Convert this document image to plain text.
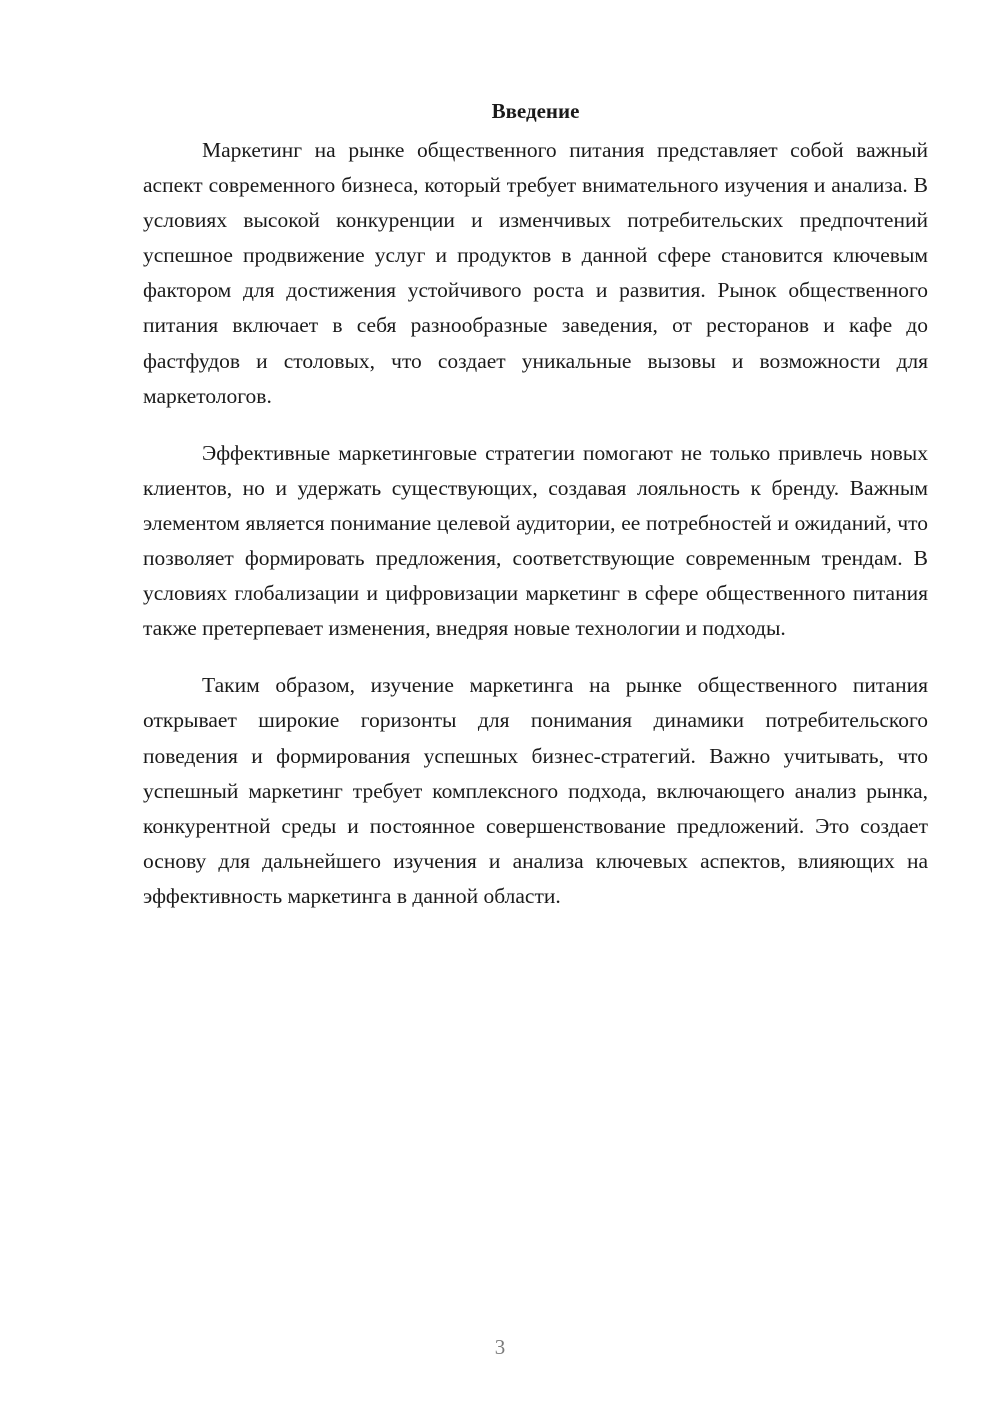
Введение

Маркетинг на рынке общественного питания представляет собой важный аспект современного бизнеса, который требует внимательного изучения и анализа. В условиях высокой конкуренции и изменчивых потребительских предпочтений успешное продвижение услуг и продуктов в данной сфере становится ключевым фактором для достижения устойчивого роста и развития. Рынок общественного питания включает в себя разнообразные заведения, от ресторанов и кафе до фастфудов и столовых, что создает уникальные вызовы и возможности для маркетологов.

Эффективные маркетинговые стратегии помогают не только привлечь новых клиентов, но и удержать существующих, создавая лояльность к бренду. Важным элементом является понимание целевой аудитории, ее потребностей и ожиданий, что позволяет формировать предложения, соответствующие современным трендам. В условиях глобализации и цифровизации маркетинг в сфере общественного питания также претерпевает изменения, внедряя новые технологии и подходы.

Таким образом, изучение маркетинга на рынке общественного питания открывает широкие горизонты для понимания динамики потребительского поведения и формирования успешных бизнес-стратегий. Важно учитывать, что успешный маркетинг требует комплексного подхода, включающего анализ рынка, конкурентной среды и постоянное совершенствование предложений. Это создает основу для дальнейшего изучения и анализа ключевых аспектов, влияющих на эффективность маркетинга в данной области.

3
